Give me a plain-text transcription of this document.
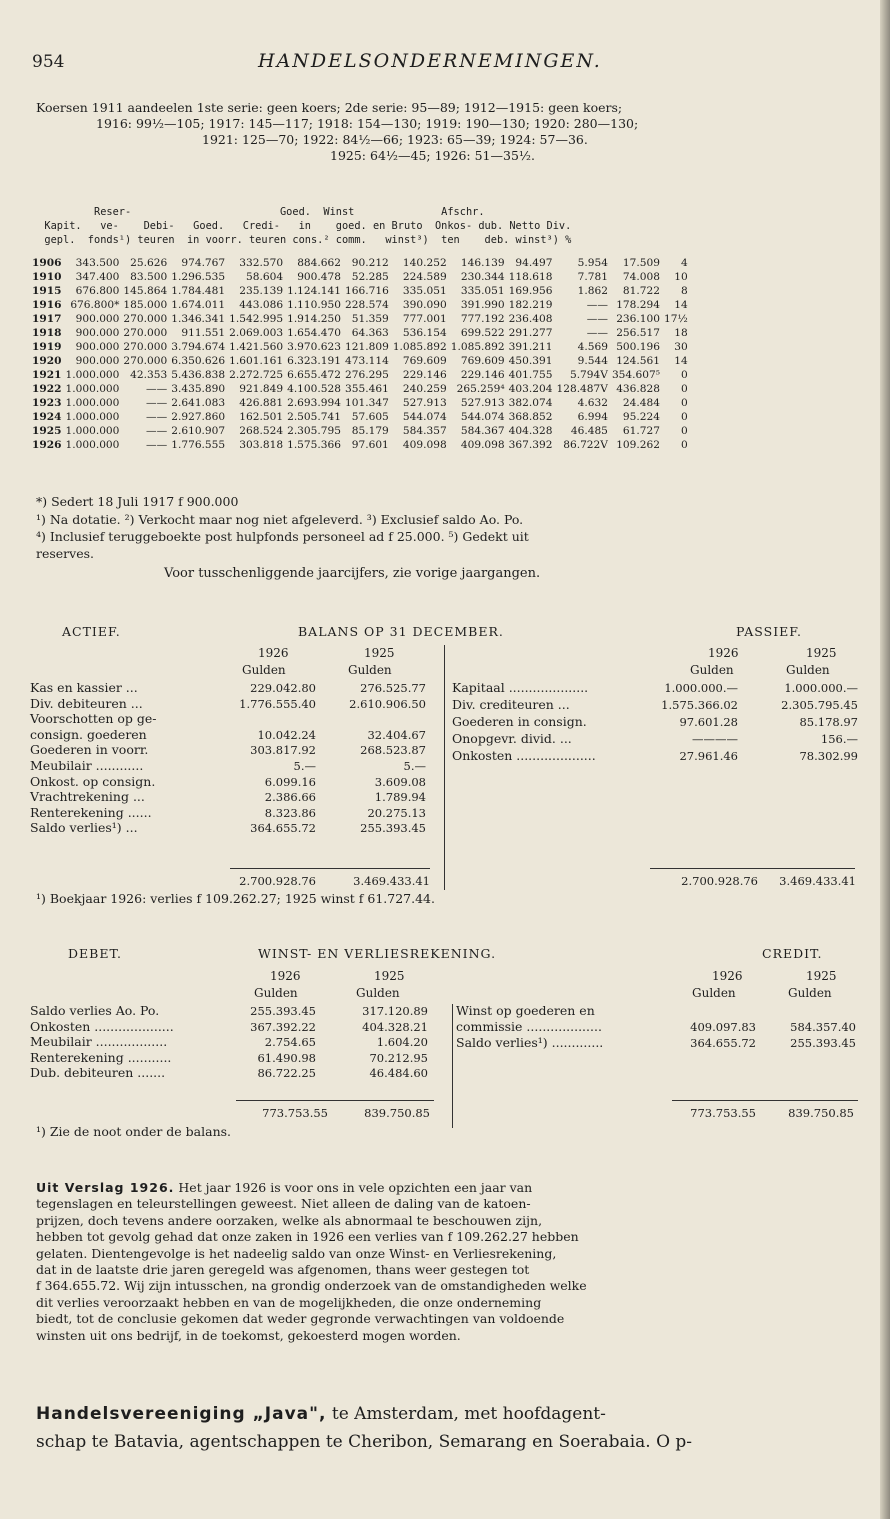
954	HANDELSONDERNEMINGEN.
Koersen 1911 aandeelen 1ste serie: geen koers; 2de serie: 95—89; 1912—1915: geen koers;
1916: 99½—105; 1917: 145—117; 1918: 154—130; 1919: 190—130; 1920: 280—130;
1921: 125—70; 1922: 84½—66; 1923: 65—39; 1924: 57—36.
1925: 64½—45; 1926: 51—35½.
Reser-                        Goed.  Winst              Afschr.
Kapit.   ve-    Debi-   Goed.   Credi-   in    goed. en Bruto  Onkos- dub. Netto Div.
gepl.  fonds¹) teuren  in voorr. teuren cons.² comm.   winst³)  ten    deb. winst³) %
1906	343.500	25.626	974.767	332.570	884.662	90.212	140.252	146.139	94.497	5.954	17.509	4
1910	347.400	83.500	1.296.535	58.604	900.478	52.285	224.589	230.344	118.618	7.781	74.008	10
1915	676.800	145.864	1.784.481	235.139	1.124.141	166.716	335.051	335.051	169.956	1.862	81.722	8
1916	676.800*	185.000	1.674.011	443.086	1.110.950	228.574	390.090	391.990	182.219	——	178.294	14
1917	900.000	270.000	1.346.341	1.542.995	1.914.250	51.359	777.001	777.192	236.408	——	236.100	17½
1918	900.000	270.000	911.551	2.069.003	1.654.470	64.363	536.154	699.522	291.277	——	256.517	18
1919	900.000	270.000	3.794.674	1.421.560	3.970.623	121.809	1.085.892	1.085.892	391.211	4.569	500.196	30
1920	900.000	270.000	6.350.626	1.601.161	6.323.191	473.114	769.609	769.609	450.391	9.544	124.561	14
1921	1.000.000	42.353	5.436.838	2.272.725	6.655.472	276.295	229.146	229.146	401.755	5.794V	354.607⁵	0
1922	1.000.000	——	3.435.890	921.849	4.100.528	355.461	240.259	265.259⁴	403.204	128.487V	436.828	0
1923	1.000.000	——	2.641.083	426.881	2.693.994	101.347	527.913	527.913	382.074	4.632	24.484	0
1924	1.000.000	——	2.927.860	162.501	2.505.741	57.605	544.074	544.074	368.852	6.994	95.224	0
1925	1.000.000	——	2.610.907	268.524	2.305.795	85.179	584.357	584.367	404.328	46.485	61.727	0
1926	1.000.000	——	1.776.555	303.818	1.575.366	97.601	409.098	409.098	367.392	86.722V	109.262	0
*) Sedert 18 Juli 1917 f 900.000
¹) Na dotatie. ²) Verkocht maar nog niet afgeleverd. ³) Exclusief saldo Ao. Po.
⁴) Inclusief teruggeboekte post hulpfonds personeel ad f 25.000. ⁵) Gedekt uit
reserves.
Voor tusschenliggende jaarcijfers, zie vorige jaargangen.
ACTIEF.	BALANS OP 31 DECEMBER.	PASSIEF.
1926	1925
Gulden	Gulden
1926	1925
Gulden	Gulden
Kas en kassier ...	229.042.80	276.525.77
Div. debiteuren ...	1.776.555.40	2.610.906.50
Voorschotten op ge-
consign. goederen	10.042.24	32.404.67
Goederen in voorr.	303.817.92	268.523.87
Meubilair ............	5.—	5.—
Onkost. op consign.	6.099.16	3.609.08
Vrachtrekening ...	2.386.66	1.789.94
Renterekening ......	8.323.86	20.275.13
Saldo verlies¹) ...	364.655.72	255.393.45
Kapitaal ....................	1.000.000.—	1.000.000.—
Div. crediteuren ...	1.575.366.02	2.305.795.45
Goederen in consign.	97.601.28	85.178.97
Onopgevr. divid. ...	————	156.—
Onkosten ....................	27.961.46	78.302.99
2.700.928.76	3.469.433.41	2.700.928.76	3.469.433.41
¹) Boekjaar 1926: verlies f 109.262.27; 1925 winst f 61.727.44.
DEBET.	WINST- EN VERLIESREKENING.	CREDIT.
1926	1925
Gulden	Gulden
1926	1925
Gulden	Gulden
Saldo verlies Ao. Po.	255.393.45	317.120.89
Onkosten ....................	367.392.22	404.328.21
Meubilair ..................	2.754.65	1.604.20
Renterekening ...........	61.490.98	70.212.95
Dub. debiteuren .......	86.722.25	46.484.60
Winst op goederen en
commissie ...................	409.097.83	584.357.40
Saldo verlies¹) .............	364.655.72	255.393.45
773.753.55	839.750.85	773.753.55	839.750.85
¹) Zie de noot onder de balans.
Uit Verslag 1926. Het jaar 1926 is voor ons in vele opzichten een jaar van
tegenslagen en teleurstellingen geweest. Niet alleen de daling van de katoen-
prijzen, doch tevens andere oorzaken, welke als abnormaal te beschouwen zijn,
hebben tot gevolg gehad dat onze zaken in 1926 een verlies van f 109.262.27 hebben
gelaten. Dientengevolge is het nadeelig saldo van onze Winst- en Verliesrekening,
dat in de laatste drie jaren geregeld was afgenomen, thans weer gestegen tot
f 364.655.72. Wij zijn intusschen, na grondig onderzoek van de omstandigheden welke
dit verlies veroorzaakt hebben en van de mogelijkheden, die onze onderneming
biedt, tot de conclusie gekomen dat weder gegronde verwachtingen van voldoende
winsten uit ons bedrijf, in de toekomst, gekoesterd mogen worden.
Handelsvereeniging „Java", te Amsterdam, met hoofdagent-
schap te Batavia, agentschappen te Cheribon, Semarang en Soerabaia. O p-
